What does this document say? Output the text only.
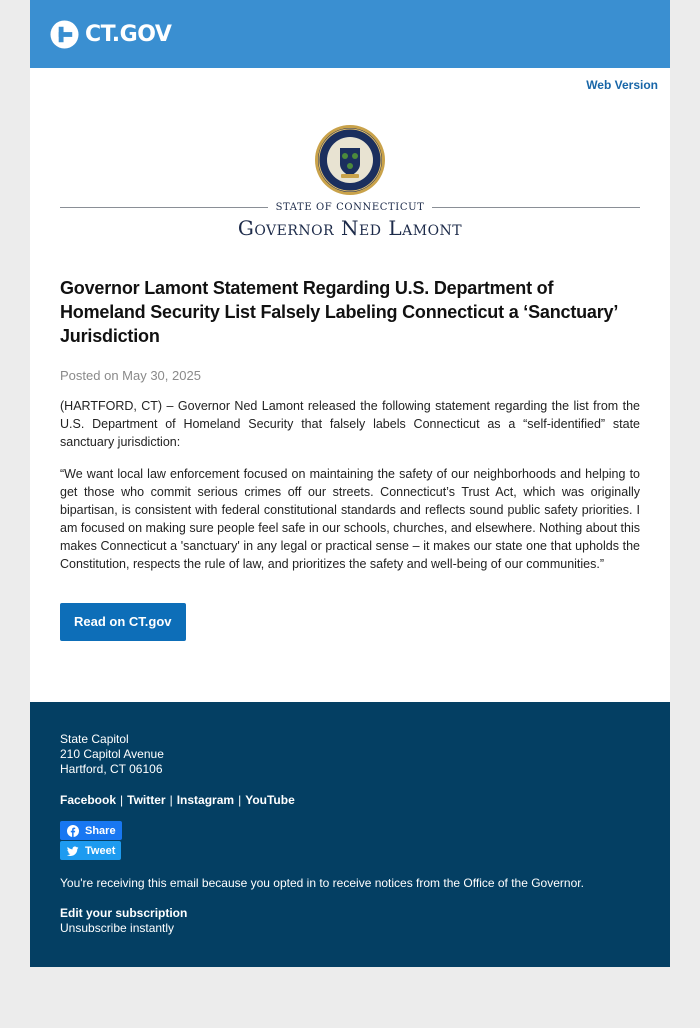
CT.GOV
Web Version
STATE OF CONNECTICUT
Governor Ned Lamont
Governor Lamont Statement Regarding U.S. Department of Homeland Security List Falsely Labeling Connecticut a ‘Sanctuary’ Jurisdiction
Posted on May 30, 2025

(HARTFORD, CT) – Governor Ned Lamont released the following statement regarding the list from the U.S. Department of Homeland Security that falsely labels Connecticut as a “self-identified” state sanctuary jurisdiction:

“We want local law enforcement focused on maintaining the safety of our neighborhoods and helping to get those who commit serious crimes off our streets. Connecticut’s Trust Act, which was originally bipartisan, is consistent with federal constitutional standards and reflects sound public safety priorities. I am focused on making sure people feel safe in our schools, churches, and elsewhere. Nothing about this makes Connecticut a 'sanctuary' in any legal or practical sense – it makes our state one that upholds the Constitution, respects the rule of law, and prioritizes the safety and well-being of our communities.”

Read on CT.gov
State Capitol
210 Capitol Avenue
Hartford, CT 06106
Facebook | Twitter | Instagram | YouTube
Share
Tweet

You're receiving this email because you opted in to receive notices from the Office of the Governor.

Edit your subscription
Unsubscribe instantly
